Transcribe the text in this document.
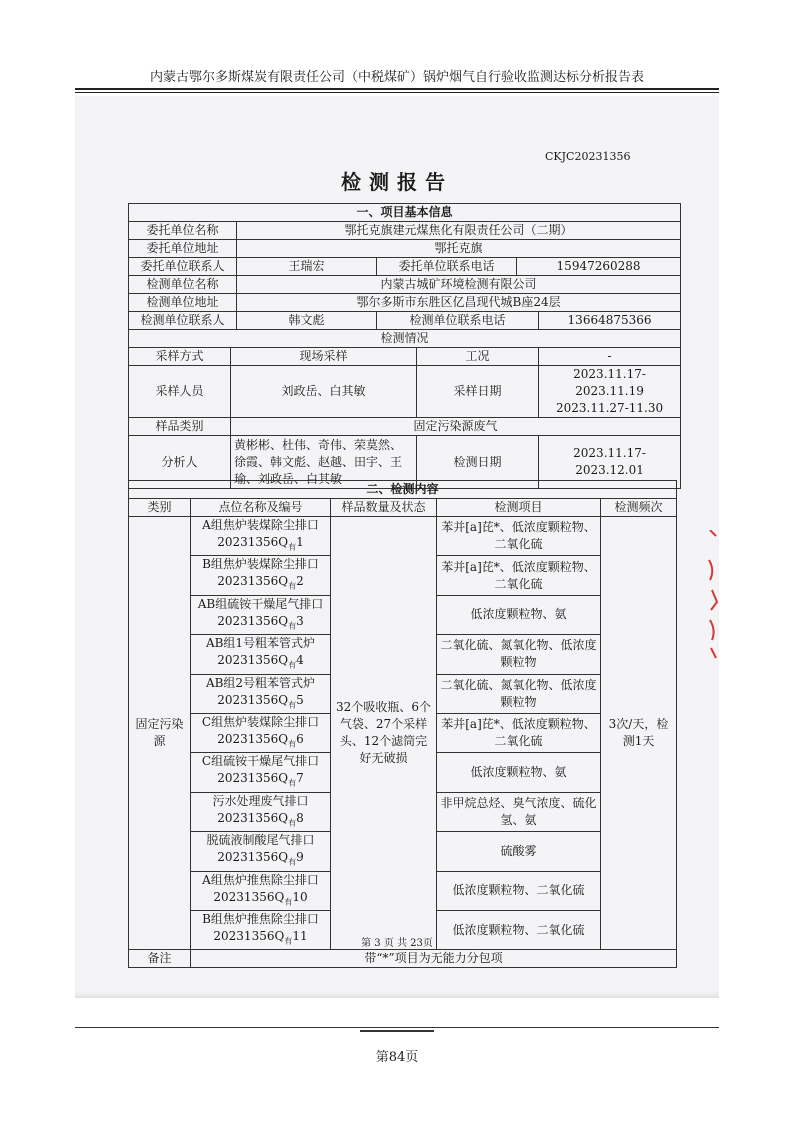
内蒙古鄂尔多斯煤炭有限责任公司（中税煤矿）锅炉烟气自行验收监测达标分析报告表
CKJC20231356
检测报告
一、项目基本信息						
委托单位名称		鄂托克旗建元煤焦化有限责任公司（二期）				
委托单位地址		鄂托克旗				
委托单位联系人		王瑞宏	委托单位联系电话		15947260288	
检测单位名称		内蒙古城矿环境检测有限公司				
检测单位地址		鄂尔多斯市东胜区亿昌现代城B座24层				
检测单位联系人		韩文彪	检测单位联系电话			13664875366
检测情况						
采样方式	现场采样			工况		-
采样人员	刘政岳、白其敏			采样日期		2023.11.17-2023.11.19
2023.11.27-11.30

样品类别	固定污染源废气					
分析人	黄彬彬、杜伟、奇伟、荣莫然、徐霞、韩文彪、赵越、田宇、王瑜、刘政岳、白其敏			检测日期		2023.11.17-2023.12.01
二、检测内容				
类别	点位名称及编号	样品数量及状态	检测项目	检测频次
固定污染源	A组焦炉装煤除尘排口$20231356Q_有1$	32个吸收瓶、6个气袋、27个采样头、12个滤筒完好无破损	苯并[a]芘*、低浓度颗粒物、二氧化硫	3次/天，检测1天
	B组焦炉装煤除尘排口$20231356Q_有2$		苯并[a]芘*、低浓度颗粒物、二氧化硫	
	AB组硫铵干燥尾气排口$20231356Q_有3$		低浓度颗粒物、氨	
	AB组1号粗苯管式炉$20231356Q_有4$		二氧化硫、氮氧化物、低浓度颗粒物	
	AB组2号粗苯管式炉$20231356Q_有5$		二氧化硫、氮氧化物、低浓度颗粒物	
	C组焦炉装煤除尘排口$20231356Q_有6$		苯并[a]芘*、低浓度颗粒物、二氧化硫	
	C组硫铵干燥尾气排口$20231356Q_有7$		低浓度颗粒物、氨	
	污水处理废气排口$20231356Q_有8$		非甲烷总烃、臭气浓度、硫化氢、氨	
	脱硫液制酸尾气排口$20231356Q_有9$		硫酸雾	
	A组焦炉推焦除尘排口$20231356Q_有10$		低浓度颗粒物、二氧化硫	
	B组焦炉推焦除尘排口$20231356Q_有11$		低浓度颗粒物、二氧化硫	
备注	带“*”项目为无能力分包项			
第 3 页 共 23页
第84页
